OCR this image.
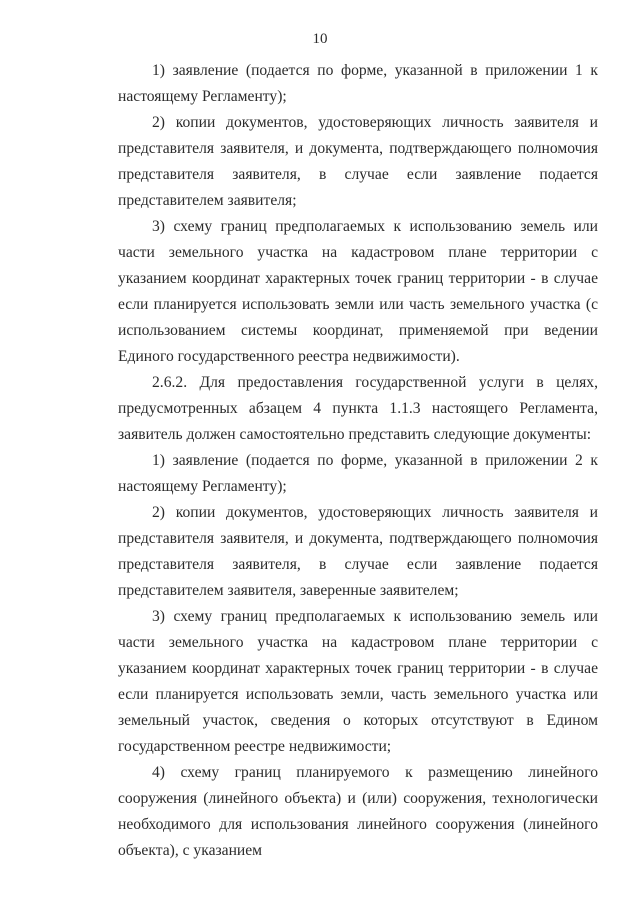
10

1) заявление (подается по форме, указанной в приложении 1 к настоящему Регламенту);

2) копии документов, удостоверяющих личность заявителя и представителя заявителя, и документа, подтверждающего полномочия представителя заявителя, в случае если заявление подается представителем заявителя;

3) схему границ предполагаемых к использованию земель или части земельного участка на кадастровом плане территории с указанием координат характерных точек границ территории - в случае если планируется использовать земли или часть земельного участка (с использованием системы координат, применяемой при ведении Единого государственного реестра недвижимости).

2.6.2. Для предоставления государственной услуги в целях, предусмотренных абзацем 4 пункта 1.1.3 настоящего Регламента, заявитель должен самостоятельно представить следующие документы:

1) заявление (подается по форме, указанной в приложении 2 к настоящему Регламенту);

2) копии документов, удостоверяющих личность заявителя и представителя заявителя, и документа, подтверждающего полномочия представителя заявителя, в случае если заявление подается представителем заявителя, заверенные заявителем;

3) схему границ предполагаемых к использованию земель или части земельного участка на кадастровом плане территории с указанием координат характерных точек границ территории - в случае если планируется использовать земли, часть земельного участка или земельный участок, сведения о которых отсутствуют в Едином государственном реестре недвижимости;

4) схему границ планируемого к размещению линейного сооружения (линейного объекта) и (или) сооружения, технологически необходимого для использования линейного сооружения (линейного объекта), с указанием
